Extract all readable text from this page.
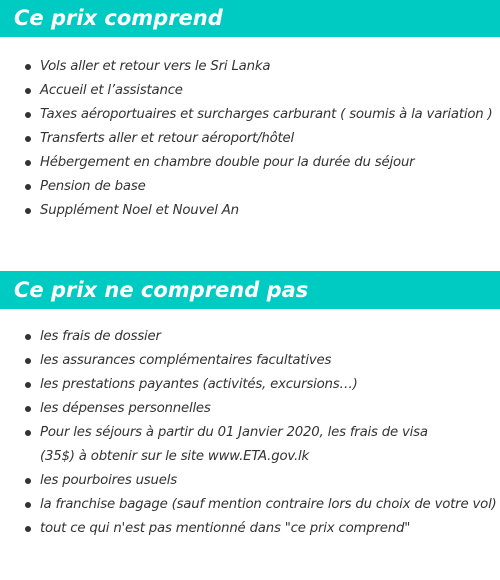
Ce prix comprend
Vols aller et retour vers le Sri Lanka
Accueil et l’assistance
Taxes aéroportuaires et surcharges carburant ( soumis à la variation )
Transferts aller et retour aéroport/hôtel
Hébergement en chambre double pour la durée du séjour
Pension de base
Supplément Noel et Nouvel An
Ce prix ne comprend pas
les frais de dossier
les assurances complémentaires facultatives
les prestations payantes (activités, excursions…)
les dépenses personnelles
Pour les séjours à partir du 01 Janvier 2020, les frais de visa (35$) à obtenir sur le site www.ETA.gov.lk
les pourboires usuels
la franchise bagage (sauf mention contraire lors du choix de votre vol)
tout ce qui n'est pas mentionné dans "ce prix comprend"
